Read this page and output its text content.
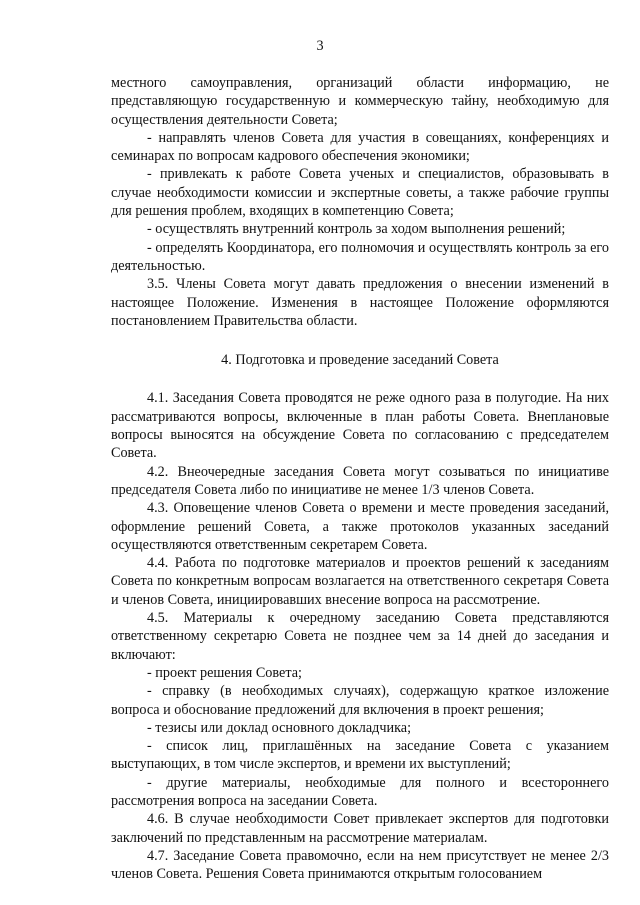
3

местного самоуправления, организаций области информацию, не представляющую государственную и коммерческую тайну, необходимую для осуществления деятельности Совета;

- направлять членов Совета для участия в совещаниях, конференциях и семинарах по вопросам кадрового обеспечения экономики;

- привлекать к работе Совета ученых и специалистов, образовывать в случае необходимости комиссии и экспертные советы, а также рабочие группы для решения проблем, входящих в компетенцию Совета;

- осуществлять внутренний контроль за ходом выполнения решений;

- определять Координатора, его полномочия и осуществлять контроль за его деятельностью.

3.5. Члены Совета могут давать предложения о внесении изменений в настоящее Положение. Изменения в настоящее Положение оформляются постановлением Правительства области.

4. Подготовка и проведение заседаний Совета

4.1. Заседания Совета проводятся не реже одного раза в полугодие. На них рассматриваются вопросы, включенные в план работы Совета. Внеплановые вопросы выносятся на обсуждение Совета по согласованию с председателем Совета.

4.2. Внеочередные заседания Совета могут созываться по инициативе председателя Совета либо по инициативе не менее 1/3 членов Совета.

4.3. Оповещение членов Совета о времени и месте проведения заседаний, оформление решений Совета, а также протоколов указанных заседаний осуществляются ответственным секретарем Совета.

4.4. Работа по подготовке материалов и проектов решений к заседаниям Совета по конкретным вопросам возлагается на ответственного секретаря Совета и членов Совета, инициировавших внесение вопроса на рассмотрение.

4.5. Материалы к очередному заседанию Совета представляются ответственному секретарю Совета не позднее чем за 14 дней до заседания и включают:

- проект решения Совета;

- справку (в необходимых случаях), содержащую краткое изложение вопроса и обоснование предложений для включения в проект решения;

- тезисы или доклад основного докладчика;

- список лиц, приглашённых на заседание Совета с указанием выступающих, в том числе экспертов, и времени их выступлений;

- другие материалы, необходимые для полного и всестороннего рассмотрения вопроса на заседании Совета.

4.6. В случае необходимости Совет привлекает экспертов для подготовки заключений по представленным на рассмотрение материалам.

4.7. Заседание Совета правомочно, если на нем присутствует не менее 2/3 членов Совета. Решения Совета принимаются открытым голосованием
